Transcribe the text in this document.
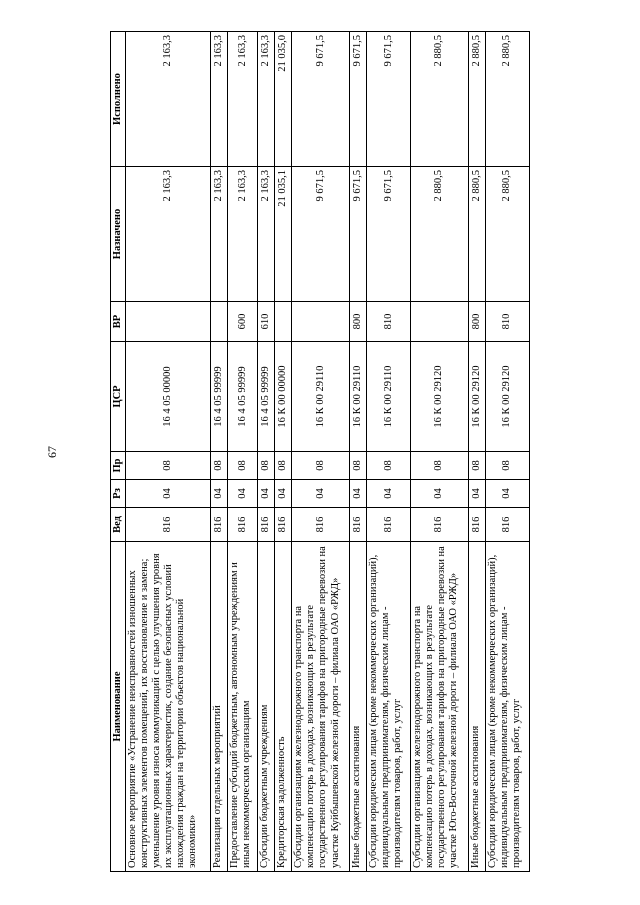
67
Наименование	Вед	Рз	Пр	ЦСР	ВР	Назначено	Исполнено
Основное мероприятие «Устранение неисправностей изношенных конструктивных элементов помещений, их восстановление и замена; уменьшение уровня износа коммуникаций с целью улучшения уровня их эксплуатационных характеристик, создание безопасных условий нахождения граждан на территории объектов национальной экономики»	816	04	08	16 4 05 00000		2 163,3	2 163,3
Реализация отдельных мероприятий	816	04	08	16 4 05 99999		2 163,3	2 163,3
Предоставление субсидий бюджетным, автономным учреждениям и иным некоммерческим организациям	816	04	08	16 4 05 99999	600	2 163,3	2 163,3
Субсидии бюджетным учреждениям	816	04	08	16 4 05 99999	610	2 163,3	2 163,3
Кредиторская задолженность	816	04	08	16 К 00 00000		21 035,1	21 035,0
Субсидии организациям железнодорожного транспорта на компенсацию потерь в доходах, возникающих в результате государственного регулирования тарифов на пригородные перевозки на участке Куйбышевской железной дороги – филиала ОАО «РЖД»	816	04	08	16 К 00 29110		9 671,5	9 671,5
Иные бюджетные ассигнования	816	04	08	16 К 00 29110	800	9 671,5	9 671,5
Субсидии юридическим лицам (кроме некоммерческих организаций), индивидуальным предпринимателям, физическим лицам - производителям товаров, работ, услуг	816	04	08	16 К 00 29110	810	9 671,5	9 671,5
Субсидии организациям железнодорожного транспорта на компенсацию потерь в доходах, возникающих в результате государственного регулирования тарифов на пригородные перевозки на участке Юго-Восточной железной дороги – филиала ОАО «РЖД»	816	04	08	16 К 00 29120		2 880,5	2 880,5
Иные бюджетные ассигнования	816	04	08	16 К 00 29120	800	2 880,5	2 880,5
Субсидии юридическим лицам (кроме некоммерческих организаций), индивидуальным предпринимателям, физическим лицам - производителям товаров, работ, услуг	816	04	08	16 К 00 29120	810	2 880,5	2 880,5
